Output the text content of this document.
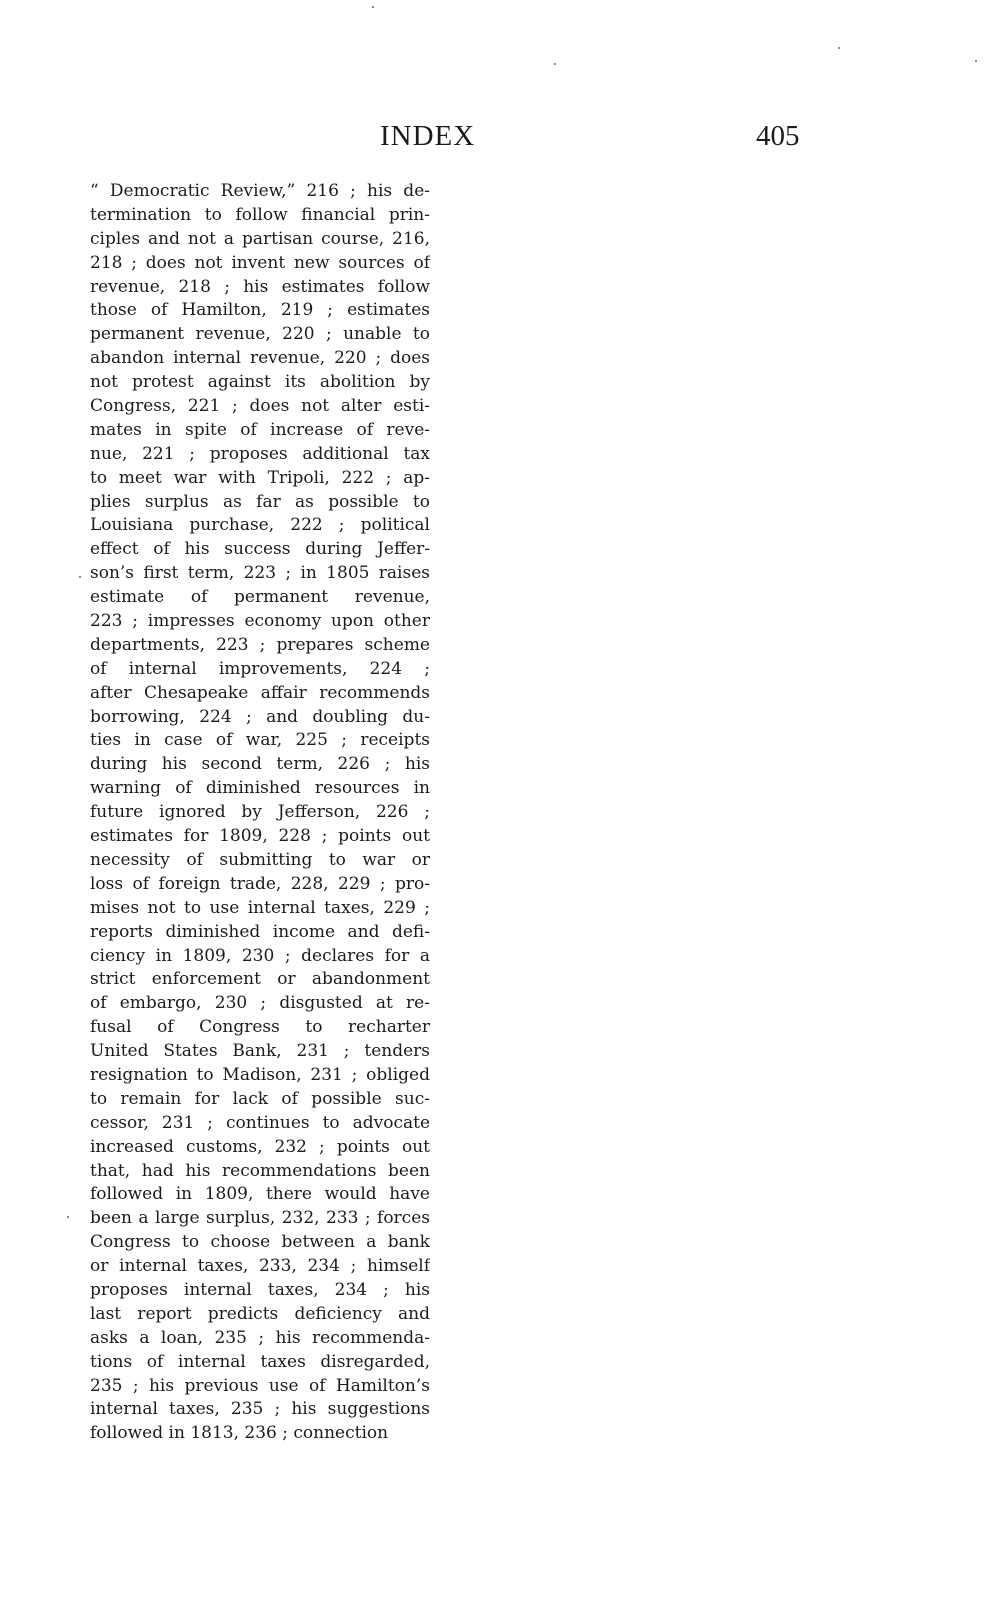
INDEX	405
“ Democratic Review,” 216 ; his de-
termination to follow financial prin-
ciples and not a partisan course, 216,
218 ; does not invent new sources of
revenue, 218 ; his estimates follow
those of Hamilton, 219 ; estimates
permanent revenue, 220 ; unable to
abandon internal revenue, 220 ; does
not protest against its abolition by
Congress, 221 ; does not alter esti-
mates in spite of increase of reve-
nue, 221 ; proposes additional tax
to meet war with Tripoli, 222 ; ap-
plies surplus as far as possible to
Louisiana purchase, 222 ; political
effect of his success during Jeffer-
son’s first term, 223 ; in 1805 raises
estimate of permanent revenue,
223 ; impresses economy upon other
departments, 223 ; prepares scheme
of internal improvements, 224 ;
after Chesapeake affair recommends
borrowing, 224 ; and doubling du-
ties in case of war, 225 ; receipts
during his second term, 226 ; his
warning of diminished resources in
future ignored by Jefferson, 226 ;
estimates for 1809, 228 ; points out
necessity of submitting to war or
loss of foreign trade, 228, 229 ; pro-
mises not to use internal taxes, 229 ;
reports diminished income and defi-
ciency in 1809, 230 ; declares for a
strict enforcement or abandonment
of embargo, 230 ; disgusted at re-
fusal of Congress to recharter
United States Bank, 231 ; tenders
resignation to Madison, 231 ; obliged
to remain for lack of possible suc-
cessor, 231 ; continues to advocate
increased customs, 232 ; points out
that, had his recommendations been
followed in 1809, there would have
been a large surplus, 232, 233 ; forces
Congress to choose between a bank
or internal taxes, 233, 234 ; himself
proposes internal taxes, 234 ; his
last report predicts deficiency and
asks a loan, 235 ; his recommenda-
tions of internal taxes disregarded,
235 ; his previous use of Hamilton’s
internal taxes, 235 ; his suggestions
followed in 1813, 236 ; connection
